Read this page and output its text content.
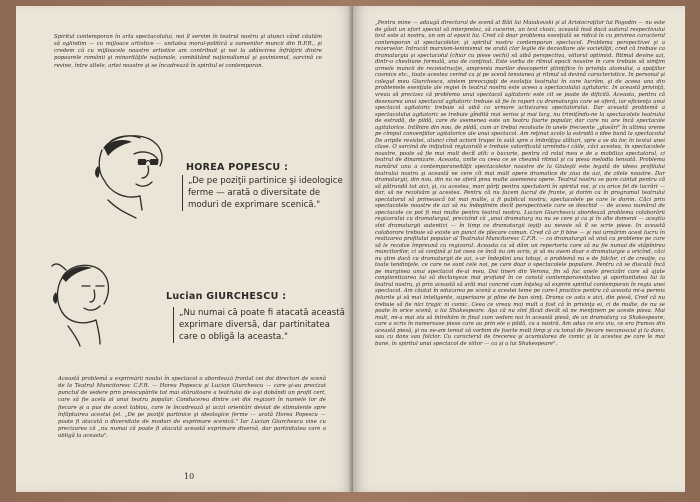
Spiritul contemporan în arta spectacolului, noi îl servim în teatrul nostru şi atunci când căutăm să oglindim — cu mijloace artistice — unitatea moral-politică a oamenilor muncii din R.P.R., şi credem că cu mijloacele noastre artistice am contribuit şi noi la adâncirea înfrăţirii dintre popoarele românii şi minorităţile naţionale, combătând naţionalismul şi şovinismul, sarcină ce revine, între altele, artei noastre şi se încadrează în spiritul ei contemporan.

HOREA POPESCU :
„De pe poziţii partinice şi ideologice ferme — arată o diversitate de moduri de exprimare scenică."
Lucian GIURCHESCU :
„Nu numai că poate fi atacată această exprimare diversă, dar partinitatea care o obligă la aceasta."

Această problemă a exprimării noului în spectacol o abordează frontal cei doi directori de scenă de la Teatrul Muncitoresc C.F.R. — Horea Popescu şi Lucian Giurchescu — care şi-au precizat punctul de vedere prin preocupările tot mai stăruitoare a teatrului de a-şi dobândi un profil cert, care să fie acela al unui teatru popular. Conducerea dintre cei doi regizori în numele lor de fiecare şi a pus de acest tablou, care le încadrează şi ucizi orientări deviat de stimulente spre înfăptuirea acestui ţel. „De pe poziţii partinice şi ideologice ferme — arată Horea Popescu — poate fi atacată o diversitate de moduri de exprimare scenică." Iar Lucian Giurchescu vine cu precizarea că „nu numai că poate fi atacată această exprimare diversă, dar partinitatea care o obligă la aceasta".

10

„Pentru mine — adaugă directorul de scenă al Băii lui Maiakovski şi al Aristocraţilor lui Pogodin — nu este de găsit un efort special să interpretez, să cucerim, un text clasic, această însă dacă autorul respectivului text este al nostru, un om al epocii lui. Cred că doar problema esenţială se ridică în cu privirea caracterul contemporan al spectacolelor, şi spiritul nostru contemporan spectacol. Problema perspectivei şi a rezervelor. Intrucât marxism-leninismul ne arată clar legile de dezvoltare ale societăţii, cred că trebuie ca dramaturgia şi spectacolul (chiar cu piese vechi) să aibă perspectiva, viitorul optimist. Ritmul devine azi, dintr-o chestiune formală, una de conţinut. Este vorba de ritmul epocii noastre în care trebuie să simţim urmele muncii de reconstrucţie, amprenta marilor descoperiri ştiinţifice în privinţa atomului, a spaţiilor cosmice etc., toate acestea cerind ca şi pe scenă tensiunea şi ritmul să devină caracteristice. In personal şi colegul meu Giurchescu, sintem preocupaţi de evoluţia teatrului în care lucrăm, şi de aceea una din problemele esenţiale ale regiei în teatrul nostru este aceea a spectacolului agitatoric. In această privinţă, vreau să precizez că problema unui spectacol agitatoric este cit se poate de dificilă. Aceasta, pentru că desenarea unui spectacol agitatoric trebuie să fie în raport cu dramaturgia care se oferă, iar eficienţa unui spectacol agitatoric trebuie să aibă ca urmare activizarea spectatorului. Dar această problemă a spectacolului agitatoric se trebuie gîndită mai serios şi mai larg, nu trimiţîndu-ne la spectacolele teatrului de estradă, de pildă, care de asemenea este un teatru foarte popular, dar care nu are încă spectacole agitatorice. Intîlnim din nou, de pildă, cum ar trebui rezolvate în unele frecvente „glosări" în ultima vreme pe cîmpul convenţiilor agitatorice ale unui spectacol. Am reţinut acolo la estradă o idee bună la spectacolul De aripile revistei, atunci cînd actorii trupei în sală spre a îmbrăţişa alături, spre a se da loc în textul unei clase. O sarcină de iniţiativă regizorală e trebuie valorificată urmîndu-i căile, căci acestea, în spectacolele noastre, poate să fie mai mult decît atît: o bucurie, pentru că rolul meu e de a mobiliza spectatorul, ci teatrul de dinamizare. Aceasta, unite cu ceea ce se cheamă ritmul şi cu piesa melodia tensată. Problema numărul unu a contemporaneităţii spectacolelor noastre de la Giuleşti este legată de ideea profilului teatrului nostru şi această ne cere cît mai mult opere dramatice de ziua de azi, de zilele noastre. Dar dramaturgii, din nou, din nu ne oferă prea multe asemenea opere. Teatrul nostru se pare cantat pentru că să pătrundă tot aici, şi, cu acestea, mari părţi pentru spectatorii în spiritul noi, şi cu orice fel de lucrări — dar, să ne rezolvăm şi acestea. Pentru că nu facem lucrul de frunte, şi dorim ca în programul teatrului spectatorul să primească tot mai multe, a fi publicul nostru, spectacolele pe care le dorim. Căci prin spectacolele noastre de azi să nu îndeplinim decît perspectivele care se deschid — de aceea numărul de spectacole ce pot fi mai multe pentru teatrul nostru. Lucian Giurchescu abordează problema colaborării regizorului cu dramaturgul, precizînd că „unui dramaturg nu nu se cere şi ca şi în alte domenii — aceştia sînt dramaturgii autentici — în timp ce dramaturgii ieşiţi au nevoie să îl se scrie piese. In această colaborare trebuie să existe un punct de plecare comun. Cred că ar fi bine — şi noi urmărim acest lucru în realizarea profilului popular al Teatrului Muncitoresc C.F.R. — ca dramaturgii să vină cu probleme pe care să le rezolve împreună cu regizorul. Aceasta ca să dăm un repertoriu care să nu fie numai de stăpînirea muncitorilor, ci să conţină şi tot ceea ce încă nu am scris, şi să nu avem doar o dramaturgie a oricînd, căci nu ştim dacă cu dramaturgii de azi, s-ar îndeplini una totuşi, o problemă nu e de folclor, ci de creaţie, ca toate tendinţele, ce care ne sunt cele noi, pe care doar o spectacolele populare. Pentru că se discută încă pe marginea unui spectacol de-al meu, Doi tineri din Verona, fin să fac unele precizări care să ajute conştientizarea lui să declanşeze mai profund în ce constă contemporaneitatea şi oportunitatea lui la teatrul nostru, şi prin această să arăt mai concret cum înţeleg să exprim spiritul contemporan în regia unei spectacol. Am căutat în educarea pe scenă a acestei teme pe care-l practice pentru că aceasta mi-a permis felurite şi să mai inteligente, superioare şi pline de bun simţ. Drama ce asta e aici, din piesă, Cred că nu trebuie să fie nici tragic ni comic. Ceea ce vreau mai mult a fost că în privinţa ei, ci de multe, de nu se poate în orice scenă, a lui Shakespeare. Aşa că nu sînt făcut decât să ne menţinem pe aceste piesa. Mai mult, mi-a mai sta să întrebăm în final cum vedem noi în această piesă, de un dramaturg ca Shakespeare, care a scris în numeroase piese care au prin ele o pildă, ca a nostră. Am adus ce era viu, ce era frumos din această piesă, şi nu ne-am temut să vorbim de foarte mult timp şi cu tonul de fiecare necunoscut şi la dans, sau cu dans sau folclor. Cu caracterul de trecerea şi acumularea de comic şi la acestea pe care le mai bune, în spiritul unui spectacol de viitor — ca şi a lui Shakespeare".
